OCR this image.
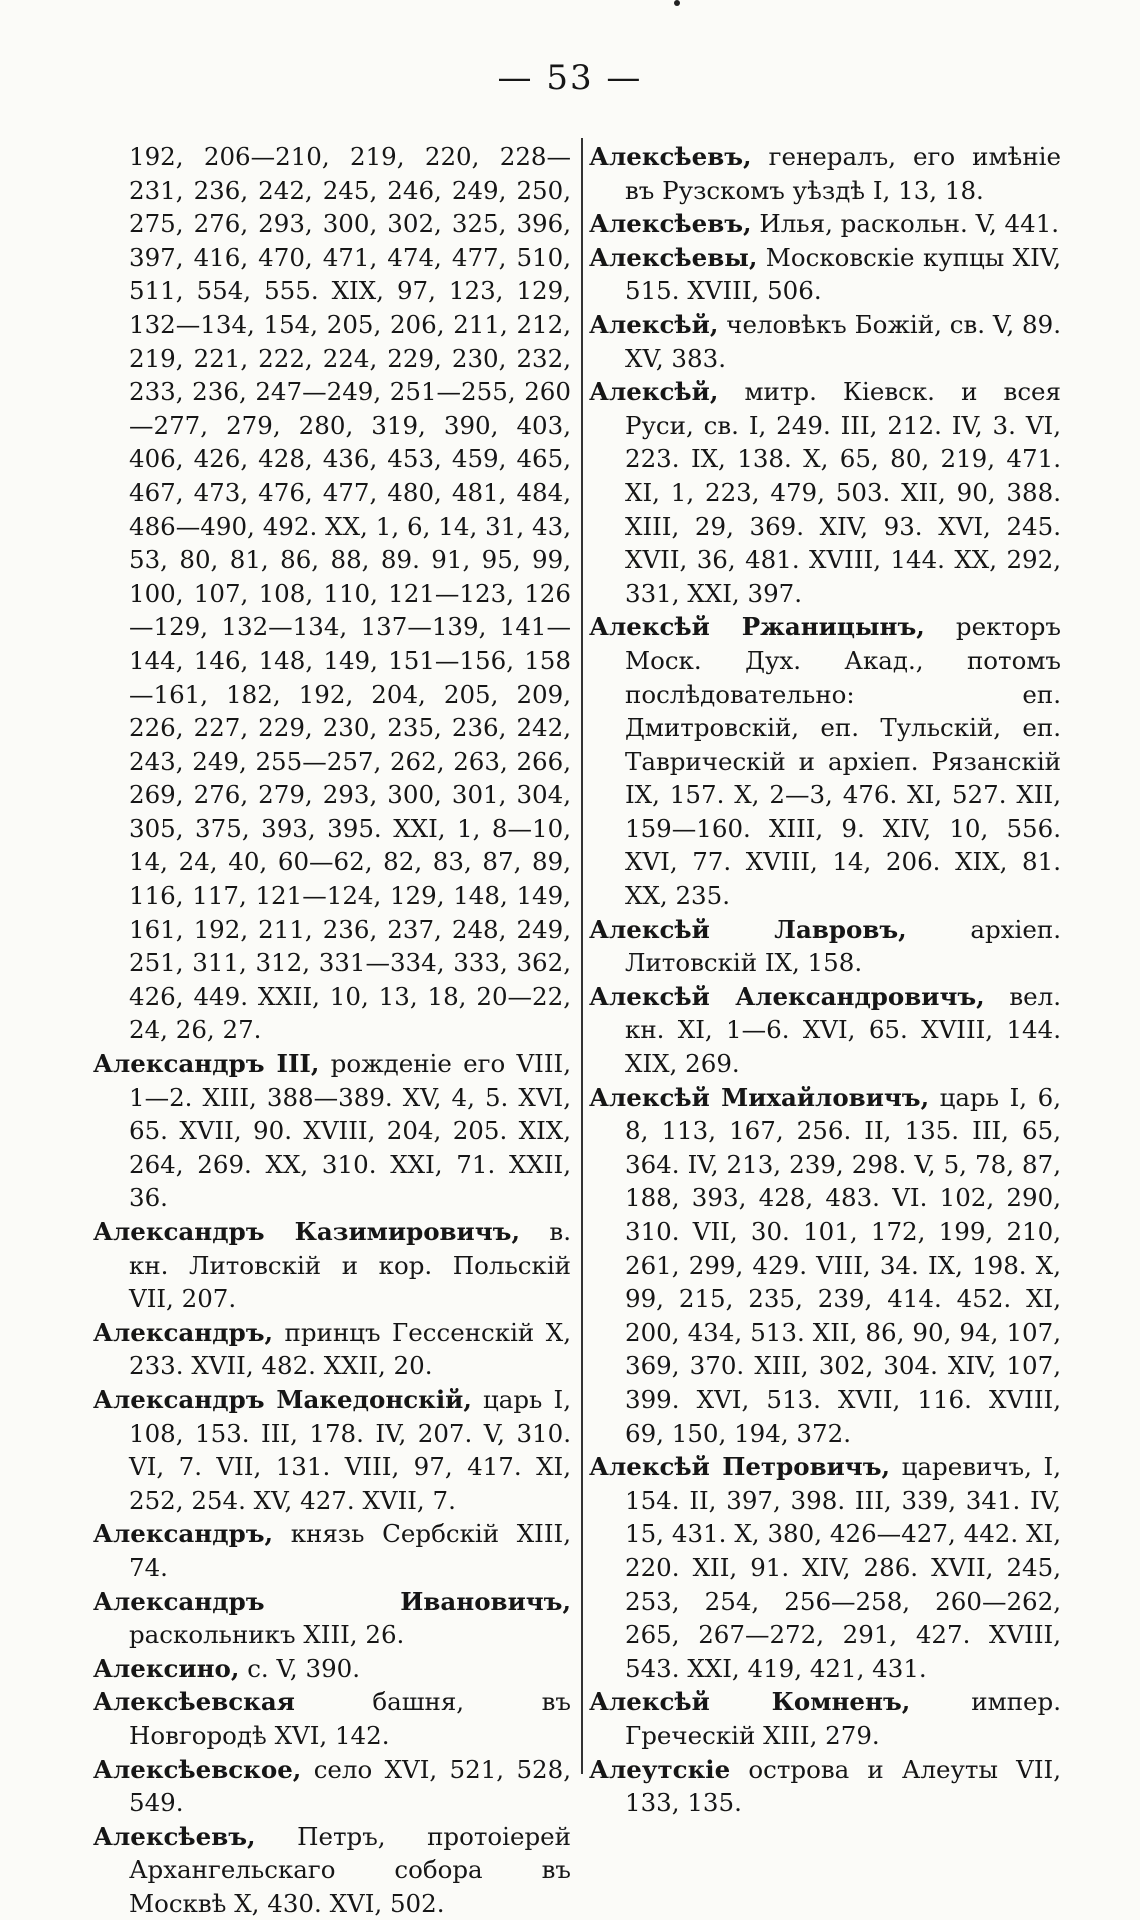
— 53 —

192, 206—210, 219, 220, 228—231, 236, 242, 245, 246, 249, 250, 275, 276, 293, 300, 302, 325, 396, 397, 416, 470, 471, 474, 477, 510, 511, 554, 555. XIX, 97, 123, 129, 132—134, 154, 205, 206, 211, 212, 219, 221, 222, 224, 229, 230, 232, 233, 236, 247—249, 251—255, 260—277, 279, 280, 319, 390, 403, 406, 426, 428, 436, 453, 459, 465, 467, 473, 476, 477, 480, 481, 484, 486—490, 492. XX, 1, 6, 14, 31, 43, 53, 80, 81, 86, 88, 89. 91, 95, 99, 100, 107, 108, 110, 121—123, 126—129, 132—134, 137—139, 141—144, 146, 148, 149, 151—156, 158—161, 182, 192, 204, 205, 209, 226, 227, 229, 230, 235, 236, 242, 243, 249, 255—257, 262, 263, 266, 269, 276, 279, 293, 300, 301, 304, 305, 375, 393, 395. XXI, 1, 8—10, 14, 24, 40, 60—62, 82, 83, 87, 89, 116, 117, 121—124, 129, 148, 149, 161, 192, 211, 236, 237, 248, 249, 251, 311, 312, 331—334, 333, 362, 426, 449. XXII, 10, 13, 18, 20—22, 24, 26, 27.

Александръ III, рожденіе его VIII, 1—2. XIII, 388—389. XV, 4, 5. XVI, 65. XVII, 90. XVIII, 204, 205. XIX, 264, 269. XX, 310. XXI, 71. XXII, 36.

Александръ Казимировичъ, в. кн. Литовскій и кор. Польскій VII, 207.

Александръ, принцъ Гессенскій X, 233. XVII, 482. XXII, 20.

Александръ Македонскій, царь I, 108, 153. III, 178. IV, 207. V, 310. VI, 7. VII, 131. VIII, 97, 417. XI, 252, 254. XV, 427. XVII, 7.

Александръ, князь Сербскій XIII, 74.

Александръ Ивановичъ, раскольникъ XIII, 26.

Алексино, с. V, 390.

Алексѣевская башня, въ Новгородѣ XVI, 142.

Алексѣевское, село XVI, 521, 528, 549.

Алексѣевъ, Петръ, протоіерей Архангельскаго собора въ Москвѣ X, 430. XVI, 502.

Алексѣевъ, генералъ, его имѣніе въ Рузскомъ уѣздѣ I, 13, 18.

Алексѣевъ, Илья, раскольн. V, 441.

Алексѣевы, Московскіе купцы XIV, 515. XVIII, 506.

Алексѣй, человѣкъ Божій, св. V, 89. XV, 383.

Алексѣй, митр. Кіевск. и всея Руси, св. I, 249. III, 212. IV, 3. VI, 223. IX, 138. X, 65, 80, 219, 471. XI, 1, 223, 479, 503. XII, 90, 388. XIII, 29, 369. XIV, 93. XVI, 245. XVII, 36, 481. XVIII, 144. XX, 292, 331, XXI, 397.

Алексѣй Ржаницынъ, ректоръ Моск. Дух. Акад., потомъ послѣдовательно: еп. Дмитровскій, еп. Тульскій, еп. Таврическій и архіеп. Рязанскій IX, 157. X, 2—3, 476. XI, 527. XII, 159—160. XIII, 9. XIV, 10, 556. XVI, 77. XVIII, 14, 206. XIX, 81. XX, 235.

Алексѣй Лавровъ, архіеп. Литовскій IX, 158.

Алексѣй Александровичъ, вел. кн. XI, 1—6. XVI, 65. XVIII, 144. XIX, 269.

Алексѣй Михайловичъ, царь I, 6, 8, 113, 167, 256. II, 135. III, 65, 364. IV, 213, 239, 298. V, 5, 78, 87, 188, 393, 428, 483. VI. 102, 290, 310. VII, 30. 101, 172, 199, 210, 261, 299, 429. VIII, 34. IX, 198. X, 99, 215, 235, 239, 414. 452. XI, 200, 434, 513. XII, 86, 90, 94, 107, 369, 370. XIII, 302, 304. XIV, 107, 399. XVI, 513. XVII, 116. XVIII, 69, 150, 194, 372.

Алексѣй Петровичъ, царевичъ, I, 154. II, 397, 398. III, 339, 341. IV, 15, 431. X, 380, 426—427, 442. XI, 220. XII, 91. XIV, 286. XVII, 245, 253, 254, 256—258, 260—262, 265, 267—272, 291, 427. XVIII, 543. XXI, 419, 421, 431.

Алексѣй Комненъ, импер. Греческій XIII, 279.

Алеутскіе острова и Алеуты VII, 133, 135.
